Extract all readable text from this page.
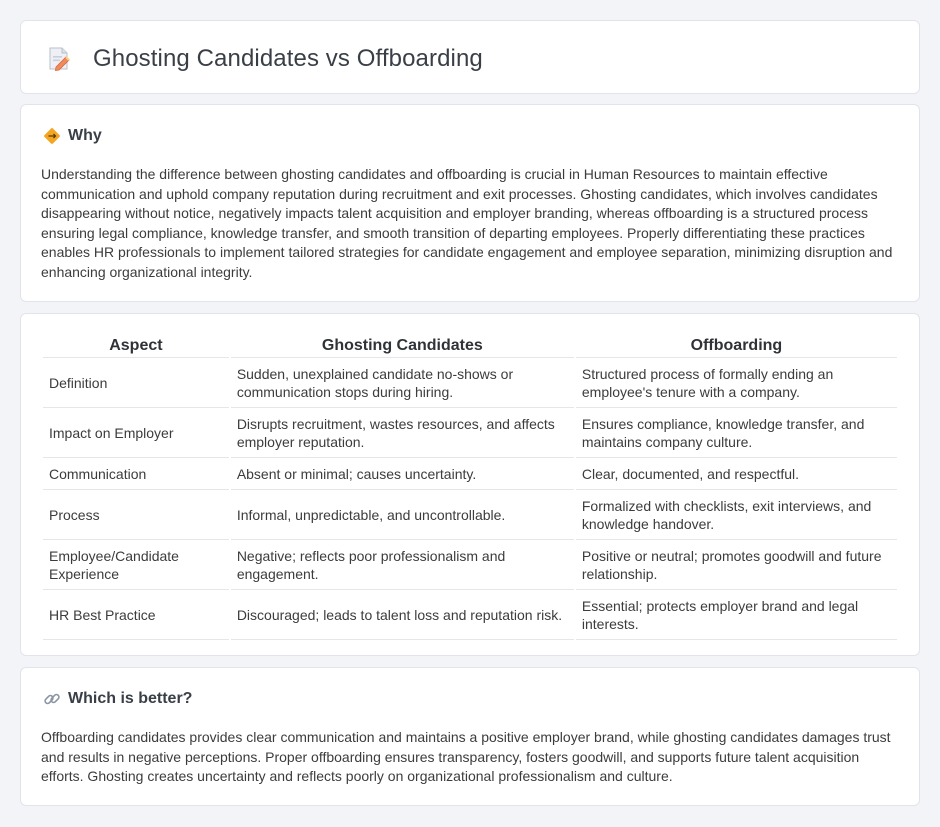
Ghosting Candidates vs Offboarding
Why

Understanding the difference between ghosting candidates and offboarding is crucial in Human Resources to maintain effective communication and uphold company reputation during recruitment and exit processes. Ghosting candidates, which involves candidates disappearing without notice, negatively impacts talent acquisition and employer branding, whereas offboarding is a structured process ensuring legal compliance, knowledge transfer, and smooth transition of departing employees. Properly differentiating these practices enables HR professionals to implement tailored strategies for candidate engagement and employee separation, minimizing disruption and enhancing organizational integrity.

Aspect	Ghosting Candidates	Offboarding
Definition	Sudden, unexplained candidate no-shows or communication stops during hiring.	Structured process of formally ending an employee's tenure with a company.
Impact on Employer	Disrupts recruitment, wastes resources, and affects employer reputation.	Ensures compliance, knowledge transfer, and maintains company culture.
Communication	Absent or minimal; causes uncertainty.	Clear, documented, and respectful.
Process	Informal, unpredictable, and uncontrollable.	Formalized with checklists, exit interviews, and knowledge handover.
Employee/Candidate Experience	Negative; reflects poor professionalism and engagement.	Positive or neutral; promotes goodwill and future relationship.
HR Best Practice	Discouraged; leads to talent loss and reputation risk.	Essential; protects employer brand and legal interests.
Which is better?

Offboarding candidates provides clear communication and maintains a positive employer brand, while ghosting candidates damages trust and results in negative perceptions. Proper offboarding ensures transparency, fosters goodwill, and supports future talent acquisition efforts. Ghosting creates uncertainty and reflects poorly on organizational professionalism and culture.
